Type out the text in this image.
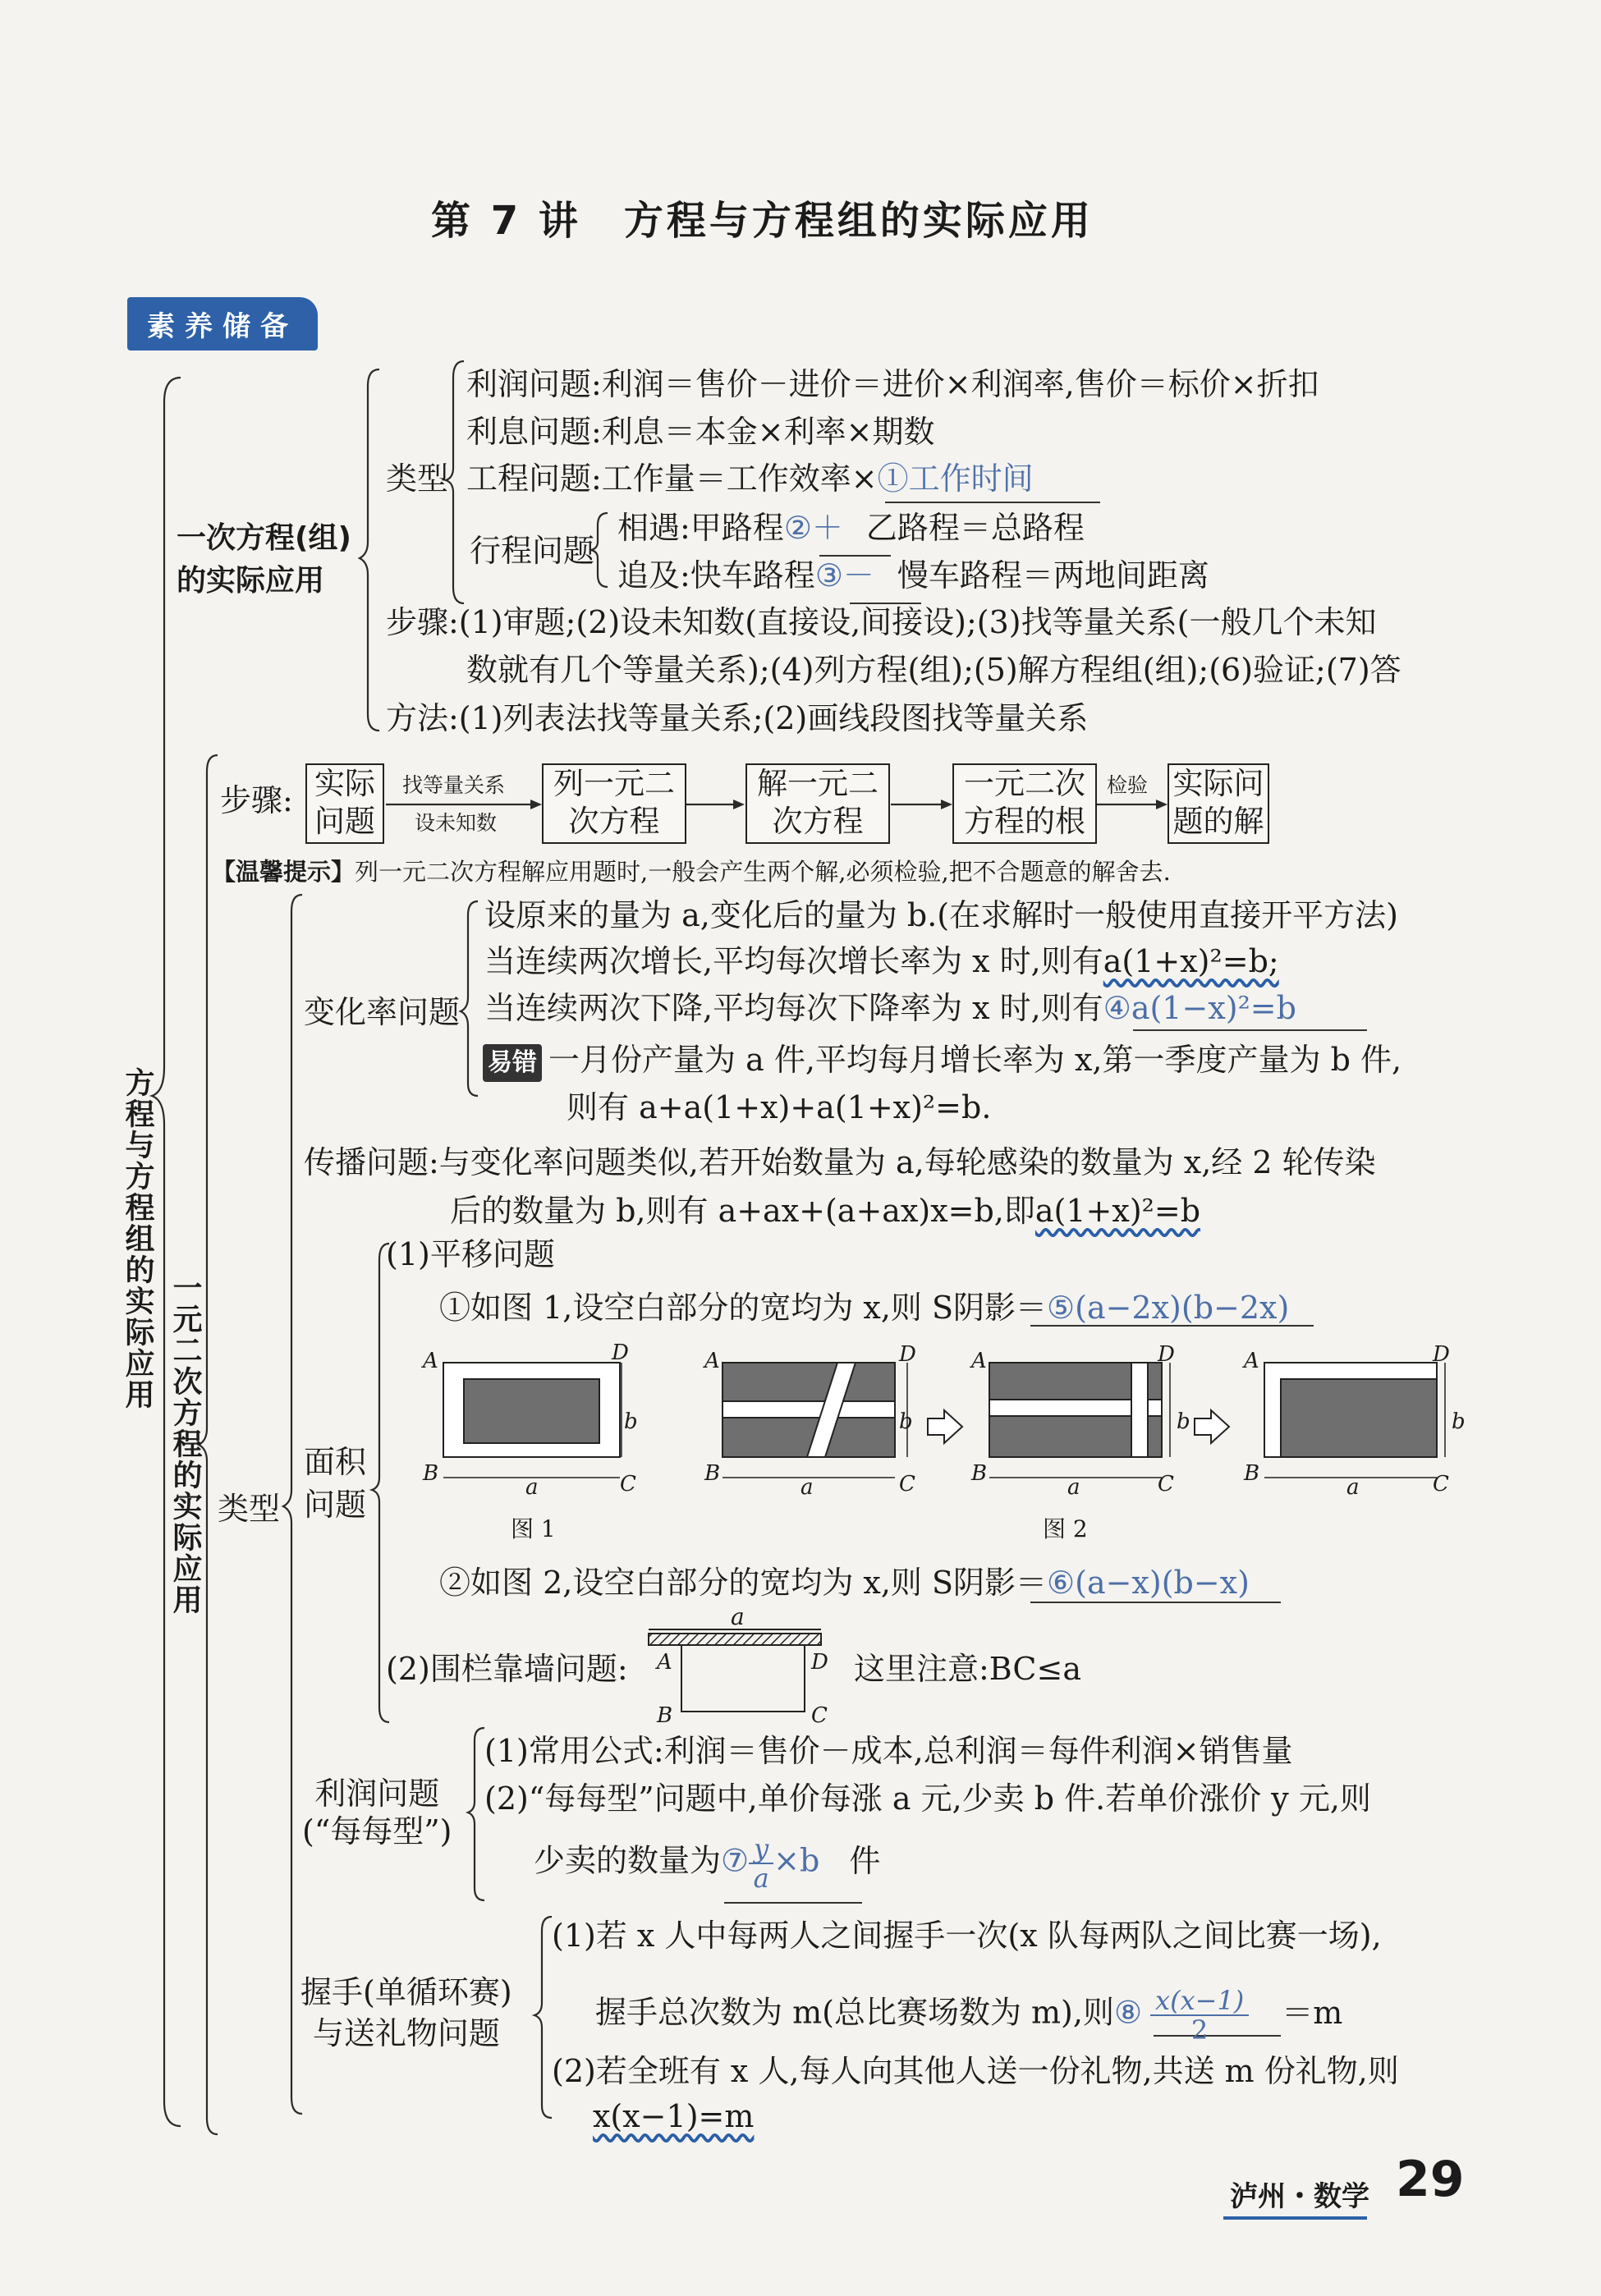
第 7 讲　方程与方程组的实际应用
素养储备
方程与方程组的实际应用
一次方程(组)
的实际应用
类型
利润问题:利润＝售价－进价＝进价×利润率,售价＝标价×折扣
利息问题:利息＝本金×利率×期数
工程问题:工作量＝工作效率×①工作时间
行程问题
相遇:甲路程②＋ 乙路程＝总路程
追及:快车路程③－ 慢车路程＝两地间距离
步骤:(1)审题;(2)设未知数(直接设,间接设);(3)找等量关系(一般几个未知
数就有几个等量关系);(4)列方程(组);(5)解方程组(组);(6)验证;(7)答
方法:(1)列表法找等量关系;(2)画线段图找等量关系
一元二次方程的实际应用
步骤: 实际
问题
找等量关系
设未知数
列一元二
次方程
解一元二
次方程
一元二次
方程的根
检验 实际问
题的解
【温馨提示】列一元二次方程解应用题时,一般会产生两个解,必须检验,把不合题意的解舍去.
类型
变化率问题
设原来的量为 a,变化后的量为 b.(在求解时一般使用直接开平方法)
当连续两次增长,平均每次增长率为 x 时,则有a(1+x)²=b;
当连续两次下降,平均每次下降率为 x 时,则有④a(1−x)²=b
易错 一月份产量为 a 件,平均每月增长率为 x,第一季度产量为 b 件,
则有 a+a(1+x)+a(1+x)²=b.
传播问题:与变化率问题类似,若开始数量为 a,每轮感染的数量为 x,经 2 轮传染
后的数量为 b,则有 a+ax+(a+ax)x=b,即a(1+x)²=b
面积
问题
(1)平移问题
①如图 1,设空白部分的宽均为 x,则 S阴影＝⑤(a−2x)(b−2x)
A	D
B	C
b
a
图 1
A
B	C
D
b
a
A
B	C
D
b
a
图 2
A
B	C
D
b
a
②如图 2,设空白部分的宽均为 x,则 S阴影＝⑥(a−x)(b−x)
(2)围栏靠墙问题:
a
A	D
B	C
这里注意:BC≤a
利润问题
(“每每型”)
(1)常用公式:利润＝售价－成本,总利润＝每件利润×销售量
(2)“每每型”问题中,单价每涨 a 元,少卖 b 件.若单价涨价 y 元,则
少卖的数量为⑦ $\frac{y}{a} \times b$ 件
握手(单循环赛)
与送礼物问题
(1)若 x 人中每两人之间握手一次(x 队每两队之间比赛一场),
握手总次数为 m(总比赛场数为 m),则⑧ $\frac{x(x-1)}{2} =m$
(2)若全班有 x 人,每人向其他人送一份礼物,共送 m 份礼物,则
x(x−1)=m
泸州・数学 29
